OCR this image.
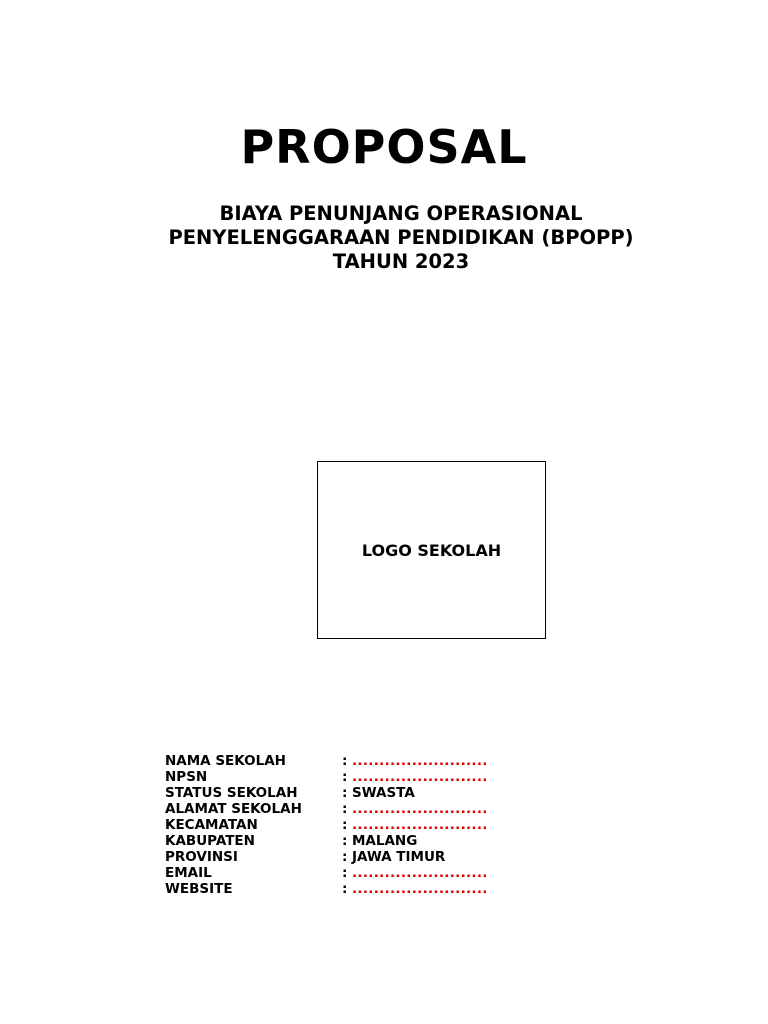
PROPOSAL
BIAYA PENUNJANG OPERASIONAL
PENYELENGGARAAN PENDIDIKAN (BPOPP)
TAHUN 2023
LOGO SEKOLAH
NAMA SEKOLAH	: .........................
NPSN	: .........................
STATUS SEKOLAH	: SWASTA
ALAMAT SEKOLAH	: .........................
KECAMATAN	: .........................
KABUPATEN	: MALANG
PROVINSI	: JAWA TIMUR
EMAIL	: .........................
WEBSITE	: .........................
